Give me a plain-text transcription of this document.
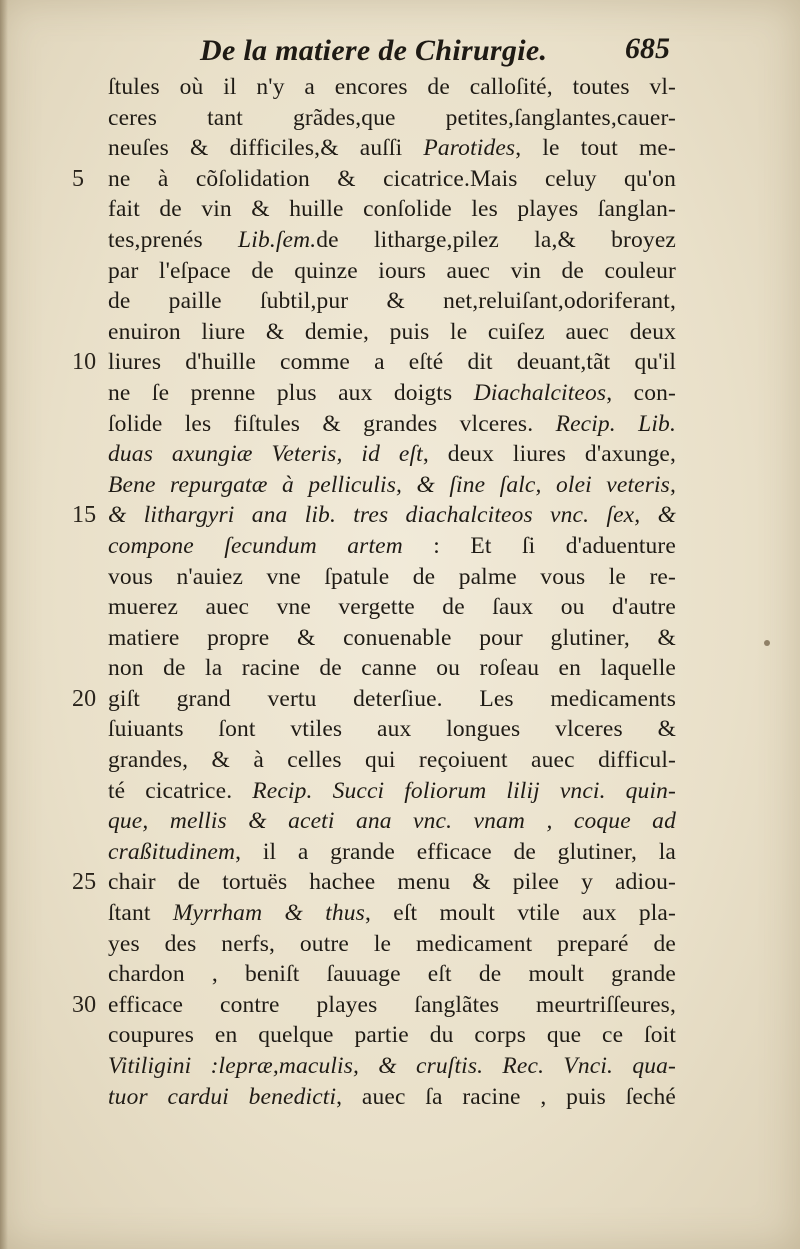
De la matiere de Chirurgie.	685
ſtules où il n'y a encores de calloſité, toutes vl-
ceres tant grãdes,que petites,ſanglantes,cauer-
neuſes & difficiles,& auſſi Parotides, le tout me-
5	ne à cõſolidation & cicatrice.Mais celuy qu'on
fait de vin & huille conſolide les playes ſanglan-
tes,prenés Lib.ſem.de litharge,pilez la,& broyez
par l'eſpace de quinze iours auec vin de couleur
de paille ſubtil,pur & net,reluiſant,odoriferant,
enuiron liure & demie, puis le cuiſez auec deux
10 liures d'huille comme a eſté dit deuant,tãt qu'il
ne ſe prenne plus aux doigts Diachalciteos, con-
ſolide les fiſtules & grandes vlceres. Recip. Lib.
duas axungiæ Veteris, id eſt, deux liures d'axunge,
Bene repurgatæ à pelliculis, & ſine ſalc, olei veteris,
15 & lithargyri ana lib. tres diachalciteos vnc. ſex, &
compone ſecundum artem : Et ſi d'aduenture
vous n'auiez vne ſpatule de palme vous le re-
muerez auec vne vergette de ſaux ou d'autre
matiere propre & conuenable pour glutiner, &
non de la racine de canne ou roſeau en laquelle
20 giſt grand vertu deterſiue. Les medicaments
ſuiuants ſont vtiles aux longues vlceres &
grandes, & à celles qui reçoiuent auec difficul-
té cicatrice. Recip. Succi foliorum lilij vnci. quin-
que, mellis & aceti ana vnc. vnam , coque ad
craßitudinem, il a grande efficace de glutiner, la
25 chair de tortuës hachee menu & pilee y adiou-
ſtant Myrrham & thus, eſt moult vtile aux pla-
yes des nerfs, outre le medicament preparé de
chardon , beniſt ſauuage eſt de moult grande
30 efficace contre playes ſanglãtes meurtriſſeures,
coupures en quelque partie du corps que ce ſoit
Vitiligini :lepræ,maculis, & cruſtis. Rec. Vnci. qua-
tuor cardui benedicti, auec ſa racine , puis ſeché
